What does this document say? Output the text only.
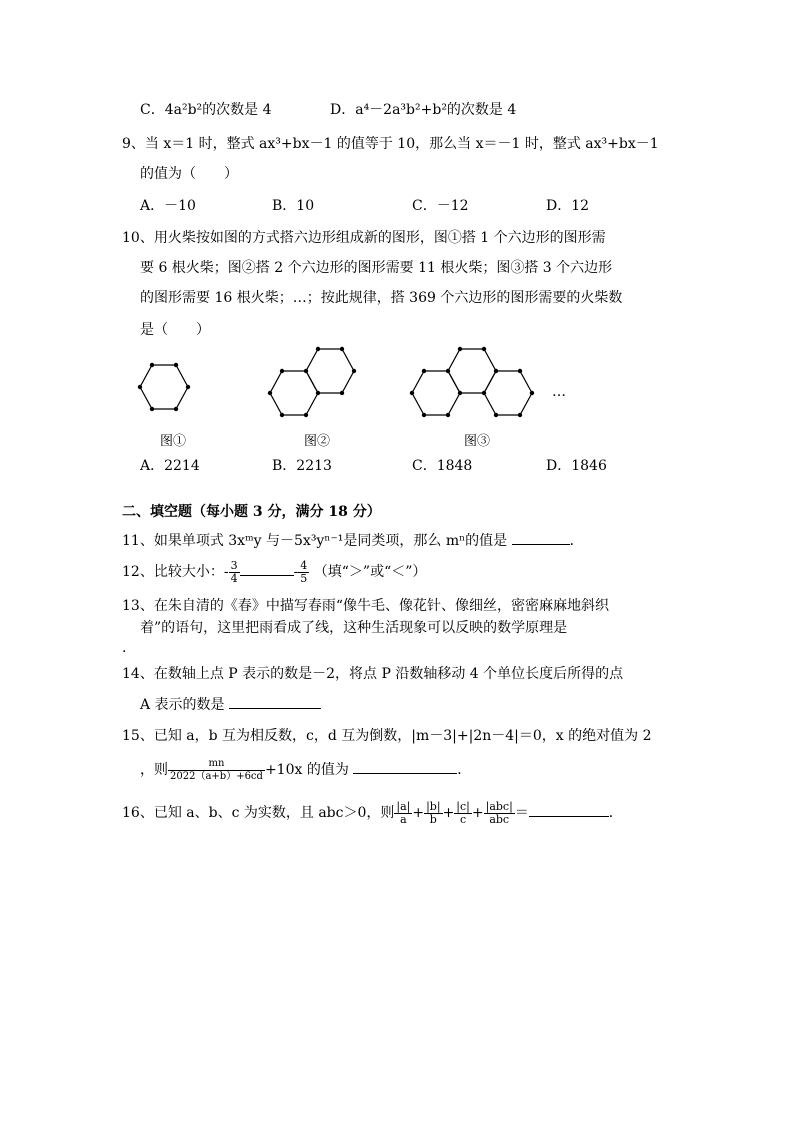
C．4a²b²的次数是 4	D．a⁴－2a³b²+b²的次数是 4
9、当 x＝1 时，整式 ax³+bx－1 的值等于 10，那么当 x＝－1 时，整式 ax³+bx－1
的值为（　　）
A．－10	B．10	C．－12	D．12
10、用火柴按如图的方式搭六边形组成新的图形，图①搭 1 个六边形的图形需
要 6 根火柴；图②搭 2 个六边形的图形需要 11 根火柴；图③搭 3 个六边形
的图形需要 16 根火柴；…；按此规律，搭 369 个六边形的图形需要的火柴数
是（　　）
…
图①	图②	图③
A．2214	B．2213	C．1848	D．1846
二、填空题（每小题 3 分，满分 18 分）
11、如果单项式 3xᵐy 与－5x³yⁿ⁻¹是同类项，那么 mⁿ的值是	．
12、比较大小：- $\frac{3}{4}$	- $\frac{4}{5}$ （填“＞”或“＜”）
13、在朱自清的《春》中描写春雨“像牛毛、像花针、像细丝，密密麻麻地斜织
着”的语句，这里把雨看成了线，这种生活现象可以反映的数学原理是
.
14、在数轴上点 P 表示的数是－2，将点 P 沿数轴移动 4 个单位长度后所得的点
A 表示的数是
15、已知 a，b 互为相反数，c，d 互为倒数，|m－3|+|2n－4|＝0，x 的绝对值为 2
，则 $\frac{mn}{2022(a+b)+6cd} +10x$ 的值为	．
16、已知 a、b、c 为实数，且 abc＞0，则 $\frac{|a|}{a} + \frac{|b|}{b} + \frac{|c|}{c} + \frac{\text{|abc|}}{\text{abc}}$ ＝	．
